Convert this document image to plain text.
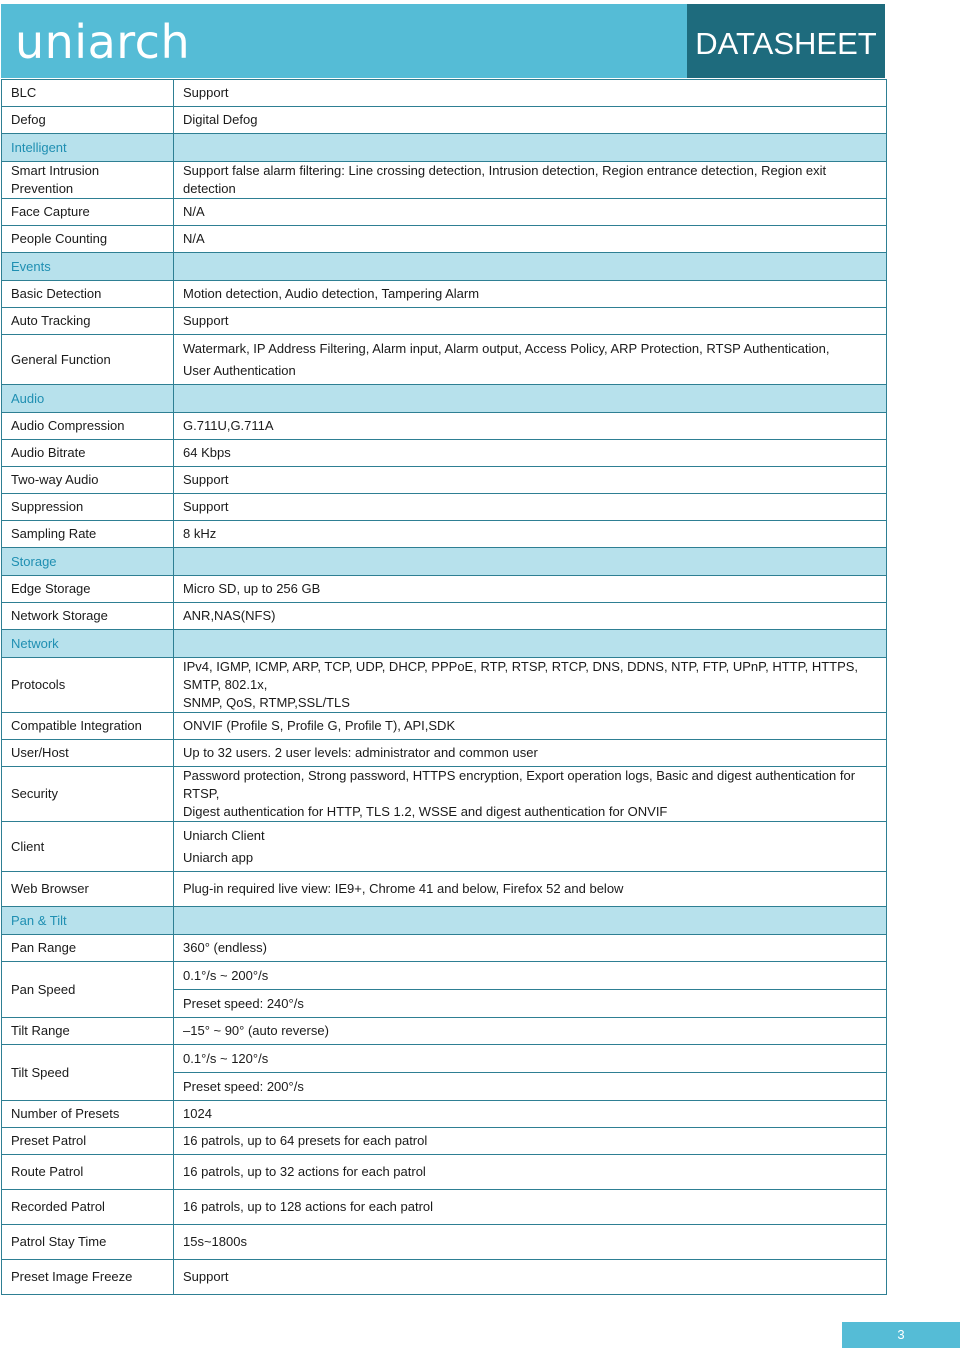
uniarch	DATASHEET
BLC	Support

Defog	Digital Defog

Intelligent	
Smart Intrusion Prevention	Support false alarm filtering: Line crossing detection, Intrusion detection, Region entrance detection, Region exit detection

Face Capture	N/A

People Counting	N/A

Events	
Basic Detection	Motion detection, Audio detection, Tampering Alarm

Auto Tracking	Support

General Function	Watermark, IP Address Filtering, Alarm input, Alarm output, Access Policy, ARP Protection, RTSP Authentication,
User Authentication

Audio	
Audio Compression	G.711U,G.711A

Audio Bitrate	64 Kbps

Two-way Audio	Support

Suppression	Support

Sampling Rate	8 kHz

Storage	
Edge Storage	Micro SD, up to 256 GB

Network Storage	ANR,NAS(NFS)

Network	
Protocols	IPv4, IGMP, ICMP, ARP, TCP, UDP, DHCP, PPPoE, RTP, RTSP, RTCP, DNS, DDNS, NTP, FTP, UPnP, HTTP, HTTPS, SMTP, 802.1x,
SNMP, QoS, RTMP,SSL/TLS

Compatible Integration	ONVIF (Profile S, Profile G, Profile T), API,SDK

User/Host	Up to 32 users. 2 user levels: administrator and common user

Security	Password protection, Strong password, HTTPS encryption, Export operation logs, Basic and digest authentication for RTSP,
Digest authentication for HTTP, TLS 1.2, WSSE and digest authentication for ONVIF

Client	Uniarch Client
Uniarch app

Web Browser	Plug-in required live view: IE9+, Chrome 41 and below, Firefox 52 and below

Pan & Tilt	
Pan Range	360° (endless)

Pan Speed	0.1°/s ~ 200°/s
	Preset speed: 240°/s
Tilt Range	–15° ~ 90° (auto reverse)

Tilt Speed	0.1°/s ~ 120°/s
	Preset speed: 200°/s
Number of Presets	1024

Preset Patrol	16 patrols, up to 64 presets for each patrol

Route Patrol	16 patrols, up to 32 actions for each patrol

Recorded Patrol	16 patrols, up to 128 actions for each patrol

Patrol Stay Time	15s~1800s

Preset Image Freeze	Support
3
